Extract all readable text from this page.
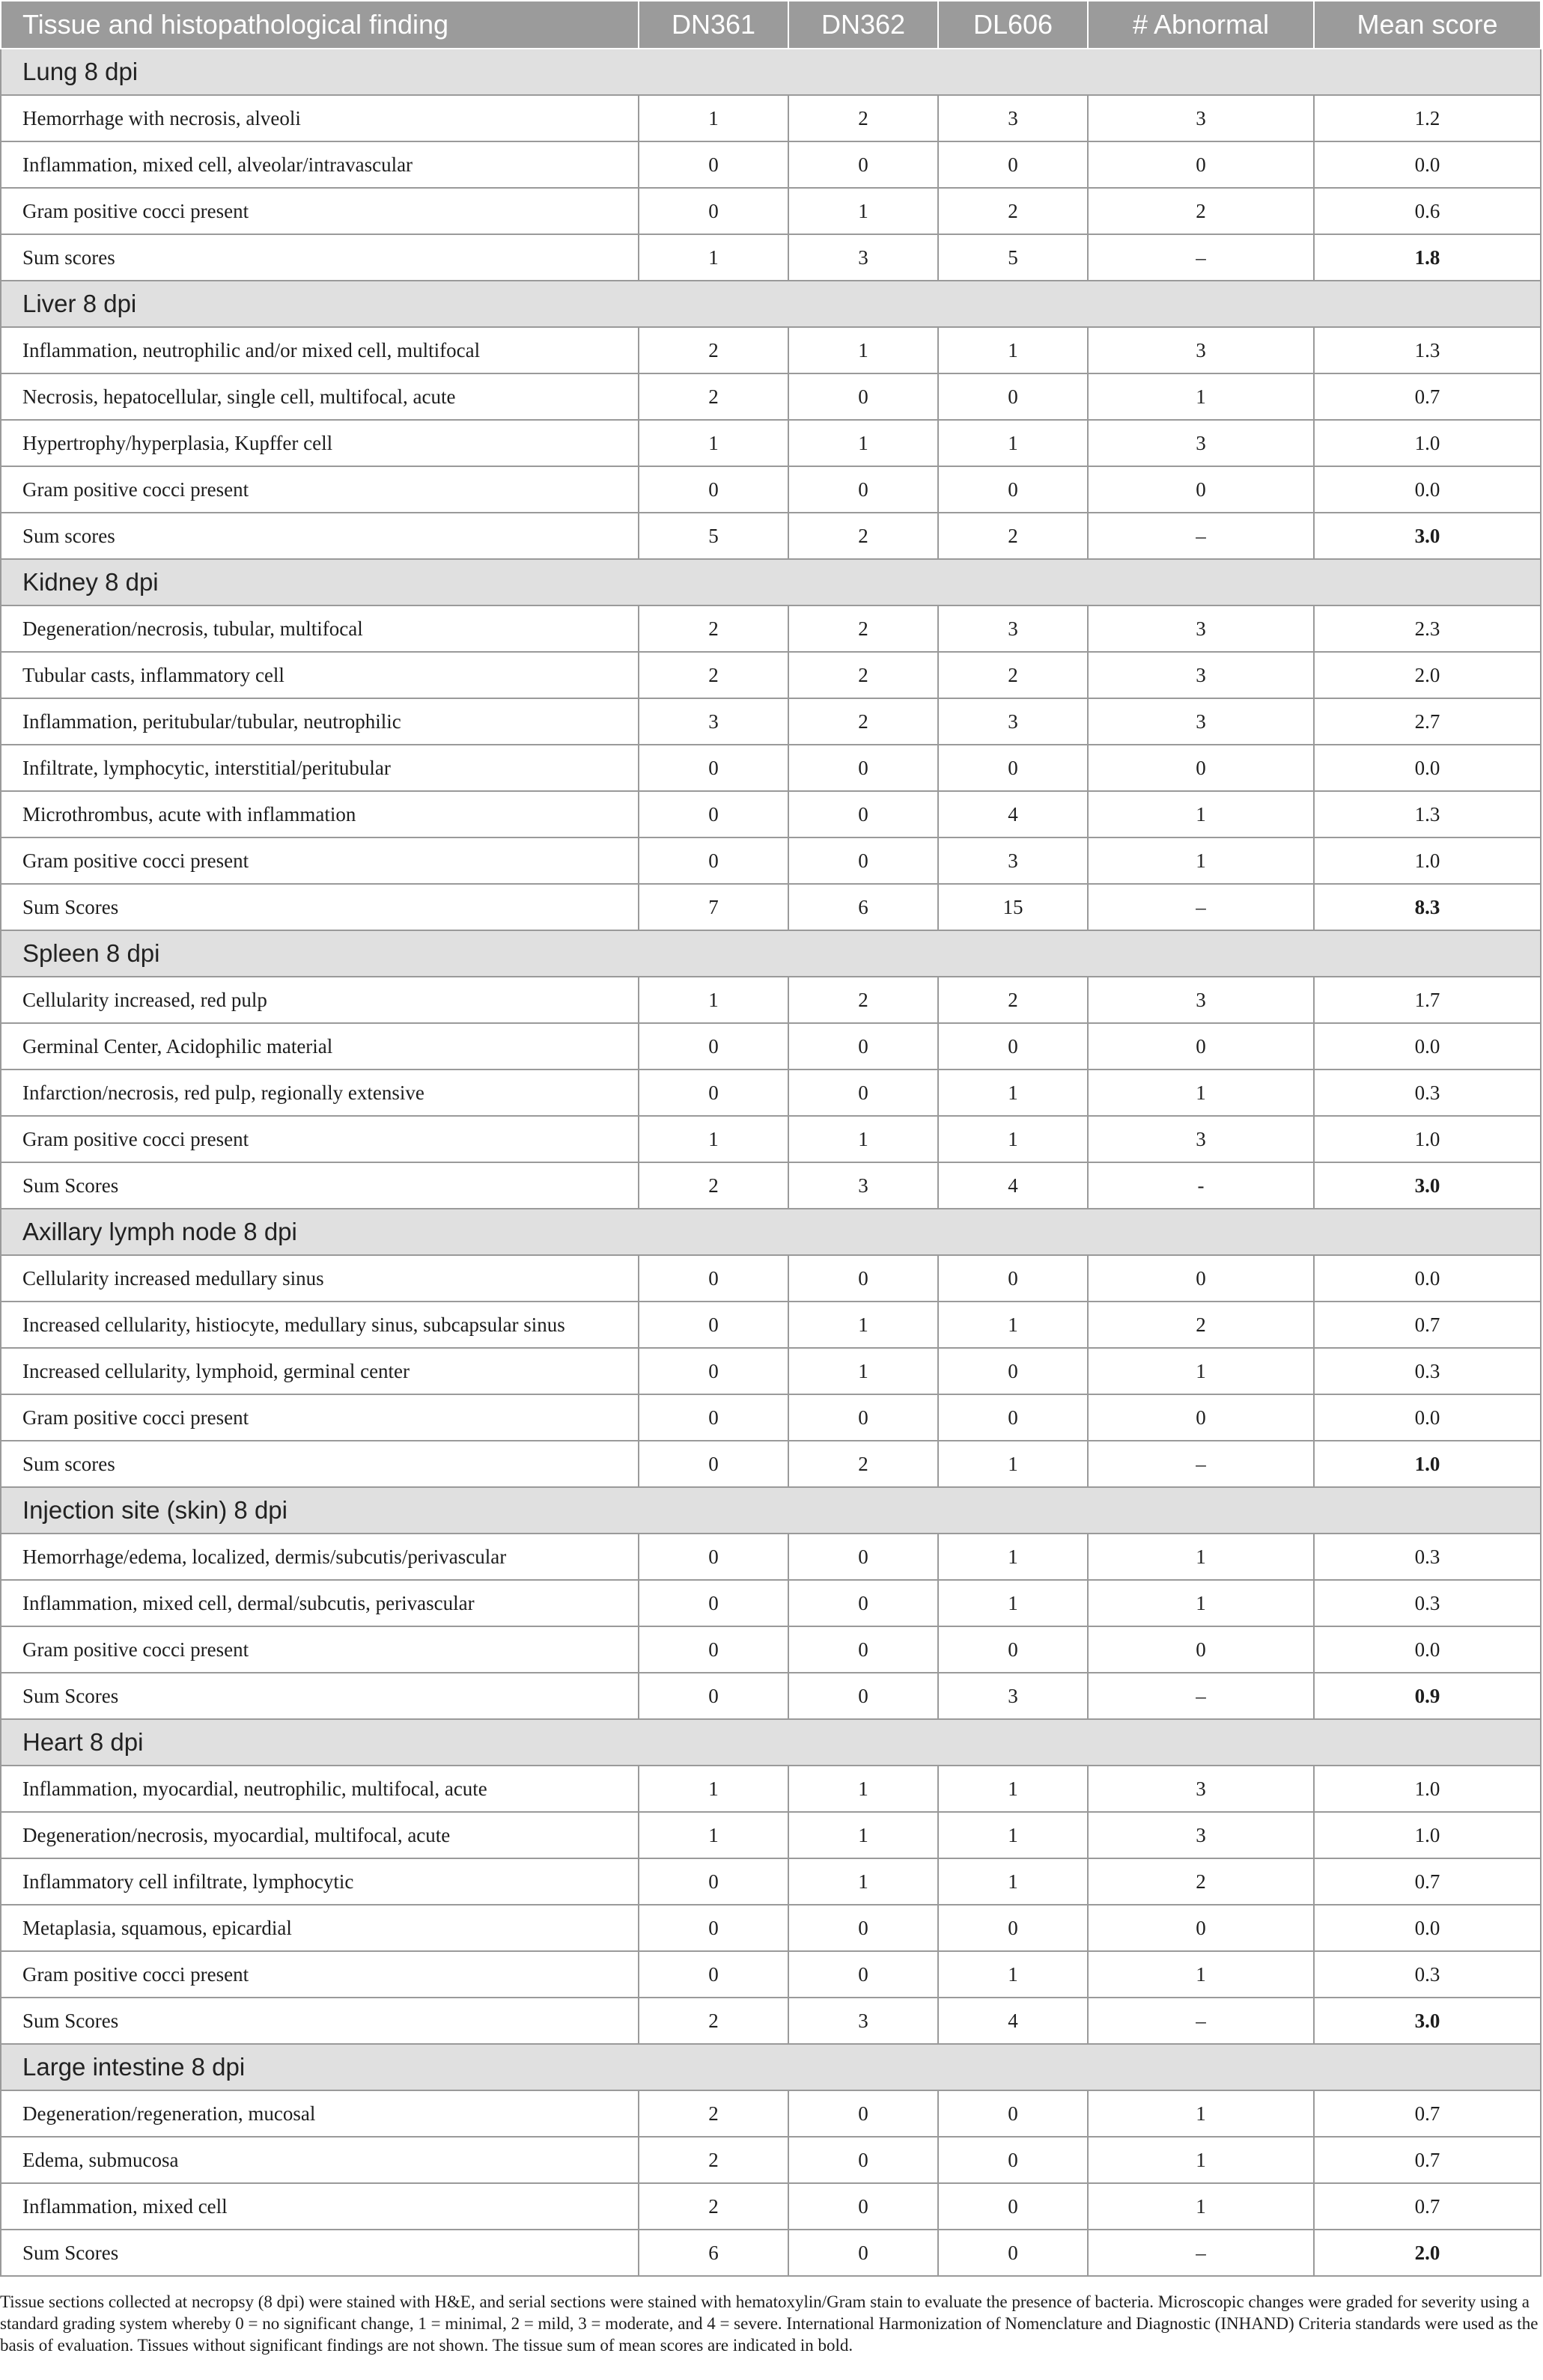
Tissue and histopathological finding	DN361	DN362	DL606	# Abnormal	Mean score
Lung 8 dpi					
Hemorrhage with necrosis, alveoli	1	2	3	3	1.2
Inflammation, mixed cell, alveolar/intravascular	0	0	0	0	0.0
Gram positive cocci present	0	1	2	2	0.6
Sum scores	1	3	5	–	1.8
Liver 8 dpi					
Inflammation, neutrophilic and/or mixed cell, multifocal	2	1	1	3	1.3
Necrosis, hepatocellular, single cell, multifocal, acute	2	0	0	1	0.7
Hypertrophy/hyperplasia, Kupffer cell	1	1	1	3	1.0
Gram positive cocci present	0	0	0	0	0.0
Sum scores	5	2	2	–	3.0
Kidney 8 dpi					
Degeneration/necrosis, tubular, multifocal	2	2	3	3	2.3
Tubular casts, inflammatory cell	2	2	2	3	2.0
Inflammation, peritubular/tubular, neutrophilic	3	2	3	3	2.7
Infiltrate, lymphocytic, interstitial/peritubular	0	0	0	0	0.0
Microthrombus, acute with inflammation	0	0	4	1	1.3
Gram positive cocci present	0	0	3	1	1.0
Sum Scores	7	6	15	–	8.3
Spleen 8 dpi					
Cellularity increased, red pulp	1	2	2	3	1.7
Germinal Center, Acidophilic material	0	0	0	0	0.0
Infarction/necrosis, red pulp, regionally extensive	0	0	1	1	0.3
Gram positive cocci present	1	1	1	3	1.0
Sum Scores	2	3	4	-	3.0
Axillary lymph node 8 dpi					
Cellularity increased medullary sinus	0	0	0	0	0.0
Increased cellularity, histiocyte, medullary sinus, subcapsular sinus	0	1	1	2	0.7
Increased cellularity, lymphoid, germinal center	0	1	0	1	0.3
Gram positive cocci present	0	0	0	0	0.0
Sum scores	0	2	1	–	1.0
Injection site (skin) 8 dpi					
Hemorrhage/edema, localized, dermis/subcutis/perivascular	0	0	1	1	0.3
Inflammation, mixed cell, dermal/subcutis, perivascular	0	0	1	1	0.3
Gram positive cocci present	0	0	0	0	0.0
Sum Scores	0	0	3	–	0.9
Heart 8 dpi					
Inflammation, myocardial, neutrophilic, multifocal, acute	1	1	1	3	1.0
Degeneration/necrosis, myocardial, multifocal, acute	1	1	1	3	1.0
Inflammatory cell infiltrate, lymphocytic	0	1	1	2	0.7
Metaplasia, squamous, epicardial	0	0	0	0	0.0
Gram positive cocci present	0	0	1	1	0.3
Sum Scores	2	3	4	–	3.0
Large intestine 8 dpi					
Degeneration/regeneration, mucosal	2	0	0	1	0.7
Edema, submucosa	2	0	0	1	0.7
Inflammation, mixed cell	2	0	0	1	0.7
Sum Scores	6	0	0	–	2.0

Tissue sections collected at necropsy (8 dpi) were stained with H&E, and serial sections were stained with hematoxylin/Gram stain to evaluate the presence of bacteria. Microscopic changes were graded for severity using a standard grading system whereby 0 = no significant change, 1 = minimal, 2 = mild, 3 = moderate, and 4 = severe. International Harmonization of Nomenclature and Diagnostic (INHAND) Criteria standards were used as the basis of evaluation. Tissues without significant findings are not shown. The tissue sum of mean scores are indicated in bold.
